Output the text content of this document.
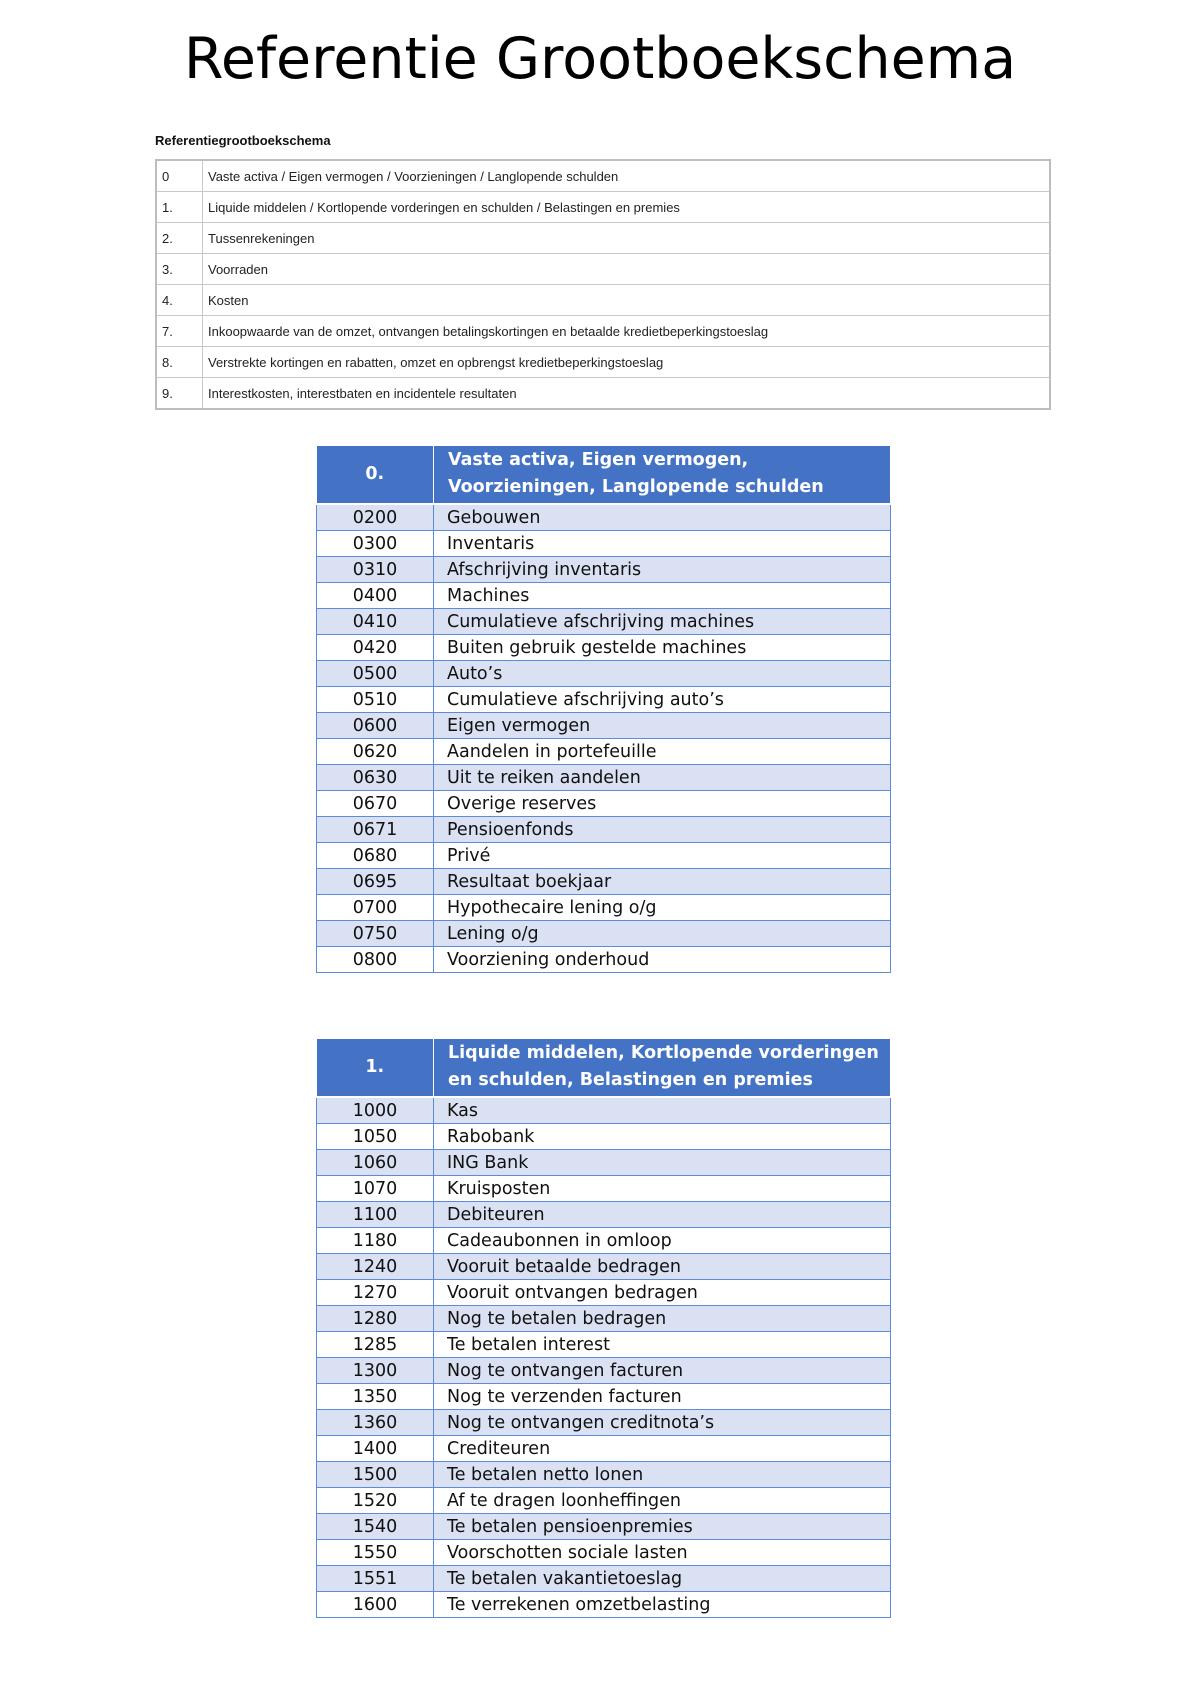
Referentie Grootboekschema
Referentiegrootboekschema
0	Vaste activa / Eigen vermogen / Voorzieningen / Langlopende schulden
1.	Liquide middelen / Kortlopende vorderingen en schulden / Belastingen en premies
2.	Tussenrekeningen
3.	Voorraden
4.	Kosten
7.	Inkoopwaarde van de omzet, ontvangen betalingskortingen en betaalde kredietbeperkingstoeslag
8.	Verstrekte kortingen en rabatten, omzet en opbrengst kredietbeperkingstoeslag
9.	Interestkosten, interestbaten en incidentele resultaten
0.	Vaste activa, Eigen vermogen, Voorzieningen, Langlopende schulden
0200	Gebouwen
0300	Inventaris
0310	Afschrijving inventaris
0400	Machines
0410	Cumulatieve afschrijving machines
0420	Buiten gebruik gestelde machines
0500	Auto’s
0510	Cumulatieve afschrijving auto’s
0600	Eigen vermogen
0620	Aandelen in portefeuille
0630	Uit te reiken aandelen
0670	Overige reserves
0671	Pensioenfonds
0680	Privé
0695	Resultaat boekjaar
0700	Hypothecaire lening o/g
0750	Lening o/g
0800	Voorziening onderhoud
1.	Liquide middelen, Kortlopende vorderingen en schulden, Belastingen en premies
1000	Kas
1050	Rabobank
1060	ING Bank
1070	Kruisposten
1100	Debiteuren
1180	Cadeaubonnen in omloop
1240	Vooruit betaalde bedragen
1270	Vooruit ontvangen bedragen
1280	Nog te betalen bedragen
1285	Te betalen interest
1300	Nog te ontvangen facturen
1350	Nog te verzenden facturen
1360	Nog te ontvangen creditnota’s
1400	Crediteuren
1500	Te betalen netto lonen
1520	Af te dragen loonheffingen
1540	Te betalen pensioenpremies
1550	Voorschotten sociale lasten
1551	Te betalen vakantietoeslag
1600	Te verrekenen omzetbelasting
